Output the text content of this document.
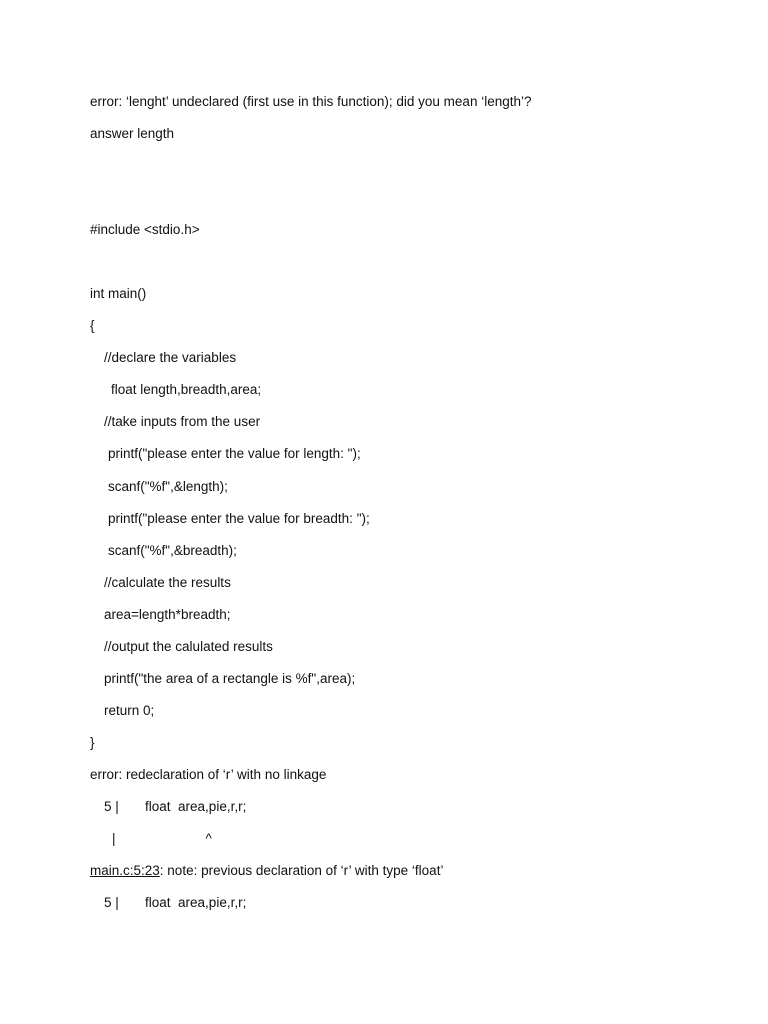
error: ‘lenght’ undeclared (first use in this function); did you mean ‘length’?
answer length
#include <stdio.h>
int main()
{
//declare the variables
float length,breadth,area;
//take inputs from the user
printf("please enter the value for length: ");
scanf("%f",&length);
printf("please enter the value for breadth: ");
scanf("%f",&breadth);
//calculate the results
area=length*breadth;
//output the calulated results
printf("the area of a rectangle is %f",area);
return 0;
}
error: redeclaration of ‘r’ with no linkage
5 |       float  area,pie,r,r;
|                        ^
main.c:5:23: note: previous declaration of ‘r’ with type ‘float’
5 |       float  area,pie,r,r;
